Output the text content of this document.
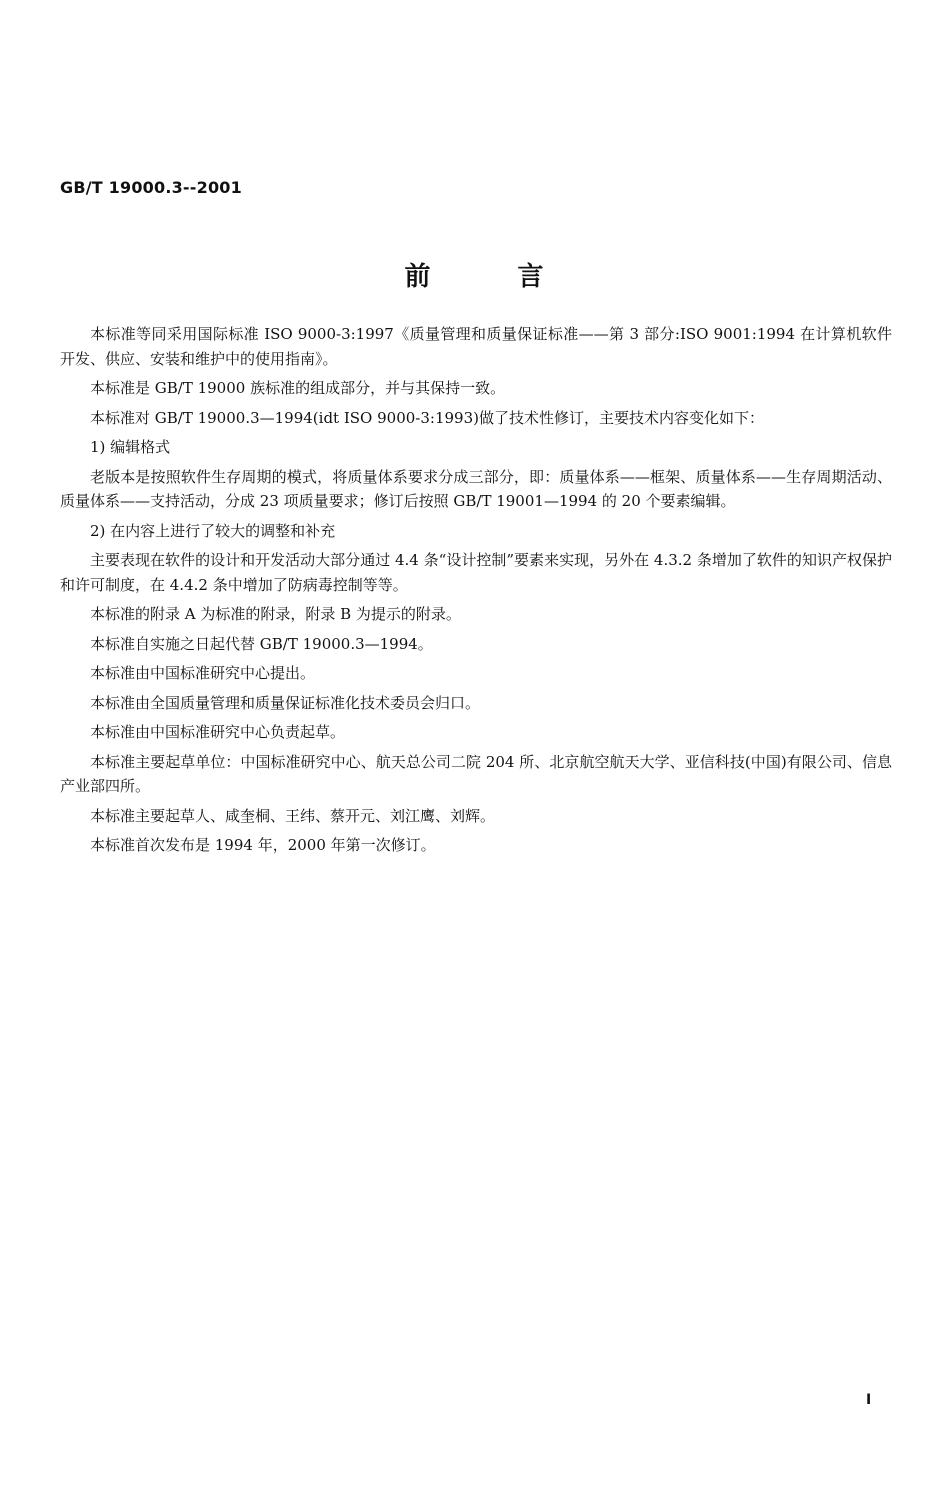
GB/T 19000.3--2001
前	言

本标准等同采用国际标准 ISO 9000-3:1997《质量管理和质量保证标准——第 3 部分:ISO 9001:1994 在计算机软件开发、供应、安装和维护中的使用指南》。

本标准是 GB/T 19000 族标准的组成部分，并与其保持一致。

本标准对 GB/T 19000.3—1994(idt ISO 9000-3:1993)做了技术性修订，主要技术内容变化如下：

1) 编辑格式

老版本是按照软件生存周期的模式，将质量体系要求分成三部分，即：质量体系——框架、质量体系——生存周期活动、质量体系——支持活动，分成 23 项质量要求；修订后按照 GB/T 19001—1994 的 20 个要素编辑。

2) 在内容上进行了较大的调整和补充

主要表现在软件的设计和开发活动大部分通过 4.4 条“设计控制”要素来实现，另外在 4.3.2 条增加了软件的知识产权保护和许可制度，在 4.4.2 条中增加了防病毒控制等等。

本标准的附录 A 为标准的附录，附录 B 为提示的附录。

本标准自实施之日起代替 GB/T 19000.3—1994。

本标准由中国标准研究中心提出。

本标准由全国质量管理和质量保证标准化技术委员会归口。

本标准由中国标准研究中心负责起草。

本标准主要起草单位：中国标准研究中心、航天总公司二院 204 所、北京航空航天大学、亚信科技(中国)有限公司、信息产业部四所。

本标准主要起草人、咸奎桐、王纬、蔡开元、刘江鹰、刘辉。

本标准首次发布是 1994 年，2000 年第一次修订。

I
